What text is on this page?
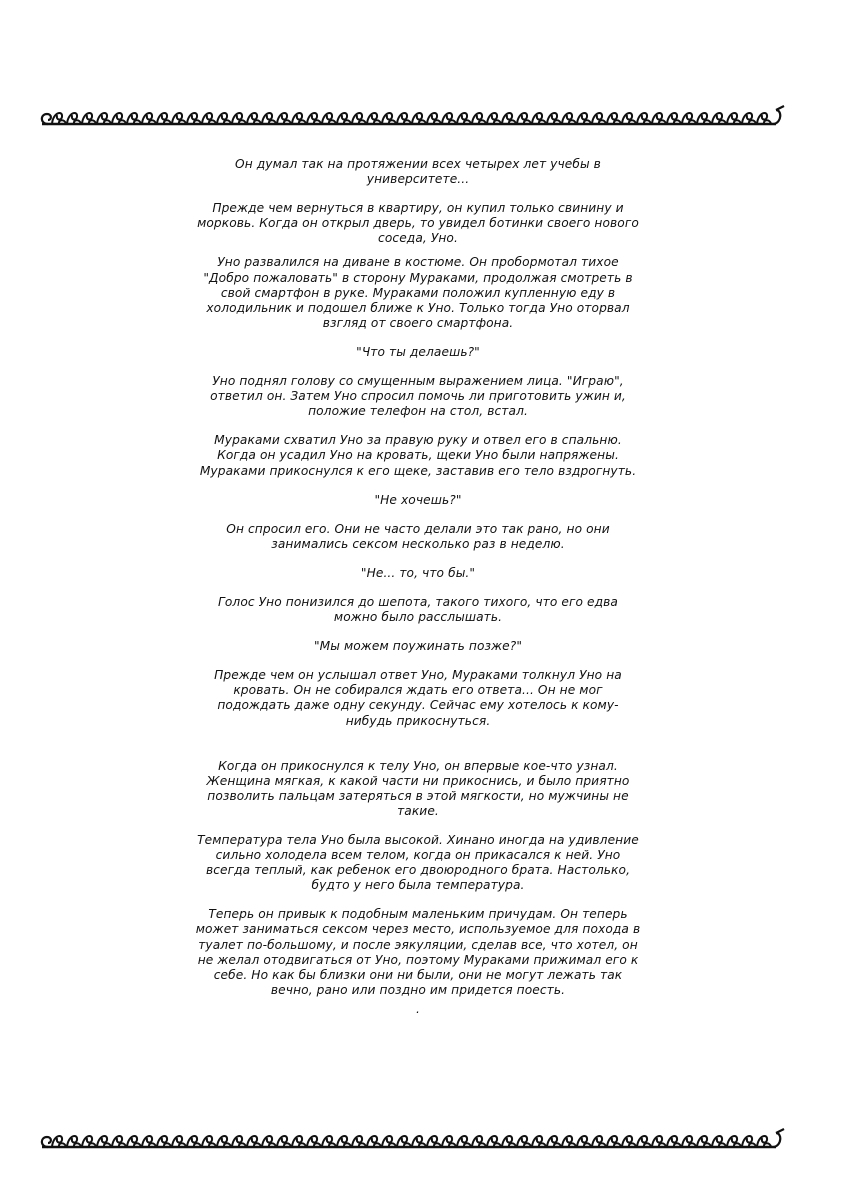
Он думал так на протяжении всех четырех лет учебы в университете...

Прежде чем вернуться в квартиру, он купил только свинину и морковь. Когда он открыл дверь, то увидел ботинки своего нового соседа, Уно.

Уно развалился на диване в костюме. Он пробормотал тихое "Добро пожаловать" в сторону Мураками, продолжая смотреть в свой смартфон в руке. Мураками положил купленную еду в холодильник и подошел ближе к Уно. Только тогда Уно оторвал взгляд от своего смартфона.

"Что ты делаешь?"

Уно поднял голову со смущенным выражением лица. "Играю", ответил он. Затем Уно спросил помочь ли приготовить ужин и, положие телефон на стол, встал.

Мураками схватил Уно за правую руку и отвел его в спальню. Когда он усадил Уно на кровать, щеки Уно были напряжены. Мураками прикоснулся к его щеке, заставив его тело вздрогнуть.

"Не хочешь?"

Он спросил его. Они не часто делали это так рано, но они занимались сексом несколько раз в неделю.

"Не... то, что бы."

Голос Уно понизился до шепота, такого тихого, что его едва можно было расслышать.

"Мы можем поужинать позже?"

Прежде чем он услышал ответ Уно, Мураками толкнул Уно на кровать. Он не собирался ждать его ответа... Он не мог подождать даже одну секунду. Сейчас ему хотелось к кому-нибудь прикоснуться.

Когда он прикоснулся к телу Уно, он впервые кое-что узнал. Женщина мягкая, к какой части ни прикоснись, и было приятно позволить пальцам затеряться в этой мягкости, но мужчины не такие.

Температура тела Уно была высокой. Хинано иногда на удивление сильно холодела всем телом, когда он прикасался к ней. Уно всегда теплый, как ребенок его двоюродного брата. Настолько, будто у него была температура.

Теперь он привык к подобным маленьким причудам. Он теперь может заниматься сексом через место, используемое для похода в туалет по-большому, и после эякуляции, сделав все, что хотел, он не желал отодвигаться от Уно, поэтому Мураками прижимал его к себе. Но как бы близки они ни были, они не могут лежать так вечно, рано или поздно им придется поесть.

.
